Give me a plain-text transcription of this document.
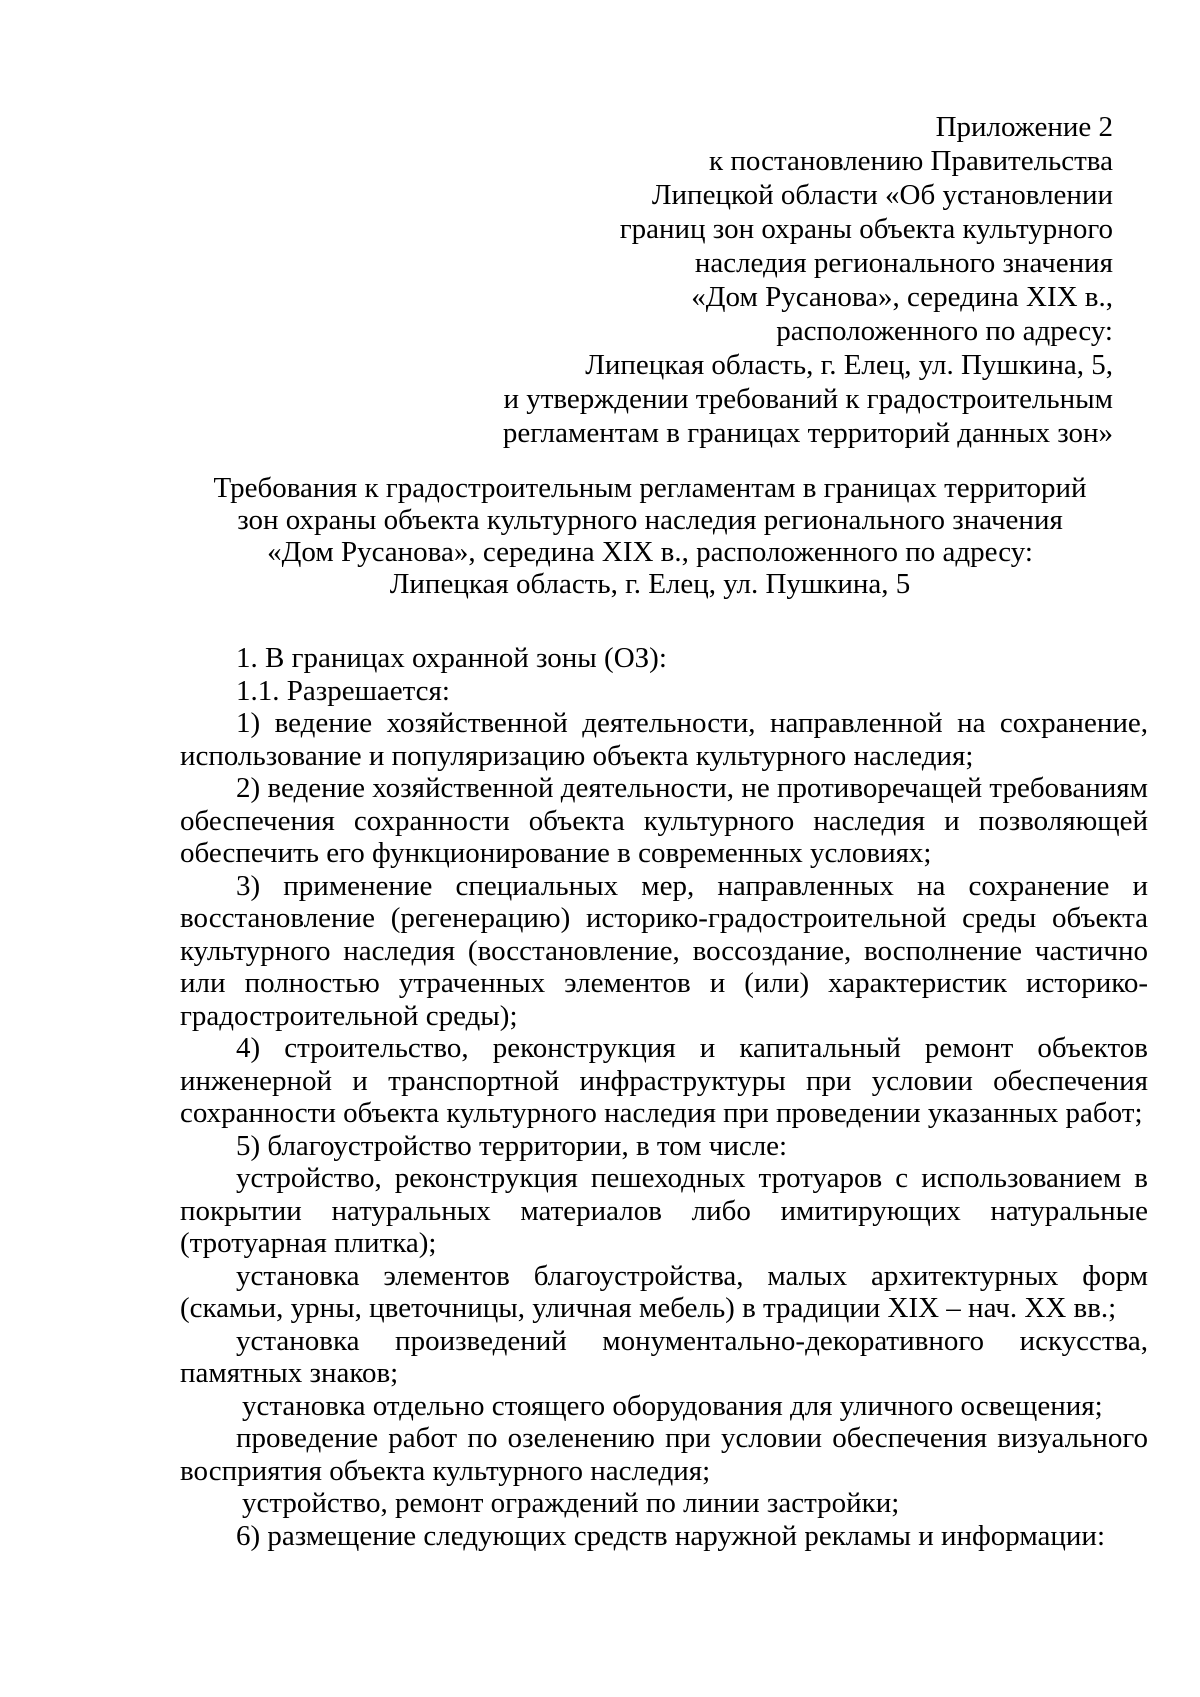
Приложение 2
к постановлению Правительства
Липецкой области «Об установлении
границ зон охраны объекта культурного
наследия регионального значения
«Дом Русанова», середина XIX в.,
расположенного по адресу:
Липецкая область, г. Елец, ул. Пушкина, 5,
и утверждении требований к градостроительным
регламентам в границах территорий данных зон»
Требования к градостроительным регламентам в границах территорий
зон охраны объекта культурного наследия регионального значения
«Дом Русанова», середина XIX в., расположенного по адресу:
Липецкая область, г. Елец, ул. Пушкина, 5

1. В границах охранной зоны (ОЗ):

1.1. Разрешается:

1) ведение хозяйственной деятельности, направленной на сохранение, использование и популяризацию объекта культурного наследия;

2) ведение хозяйственной деятельности, не противоречащей требованиям обеспечения сохранности объекта культурного наследия и позволяющей обеспечить его функционирование в современных условиях;

3) применение специальных мер, направленных на сохранение и восстановление (регенерацию) историко-градостроительной среды объекта культурного наследия (восстановление, воссоздание, восполнение частично или полностью утраченных элементов и (или) характеристик историко-градостроительной среды);

4) строительство, реконструкция и капитальный ремонт объектов инженерной и транспортной инфраструктуры при условии обеспечения сохранности объекта культурного наследия при проведении указанных работ;

5) благоустройство территории, в том числе:

устройство, реконструкция пешеходных тротуаров с использованием в покрытии натуральных материалов либо имитирующих натуральные (тротуарная плитка);

установка элементов благоустройства, малых архитектурных форм (скамьи, урны, цветочницы, уличная мебель) в традиции XIX – нач. XX вв.;

установка произведений монументально-декоративного искусства, памятных знаков;

установка отдельно стоящего оборудования для уличного освещения;

проведение работ по озеленению при условии обеспечения визуального восприятия объекта культурного наследия;

устройство, ремонт ограждений по линии застройки;

6) размещение следующих средств наружной рекламы и информации:
